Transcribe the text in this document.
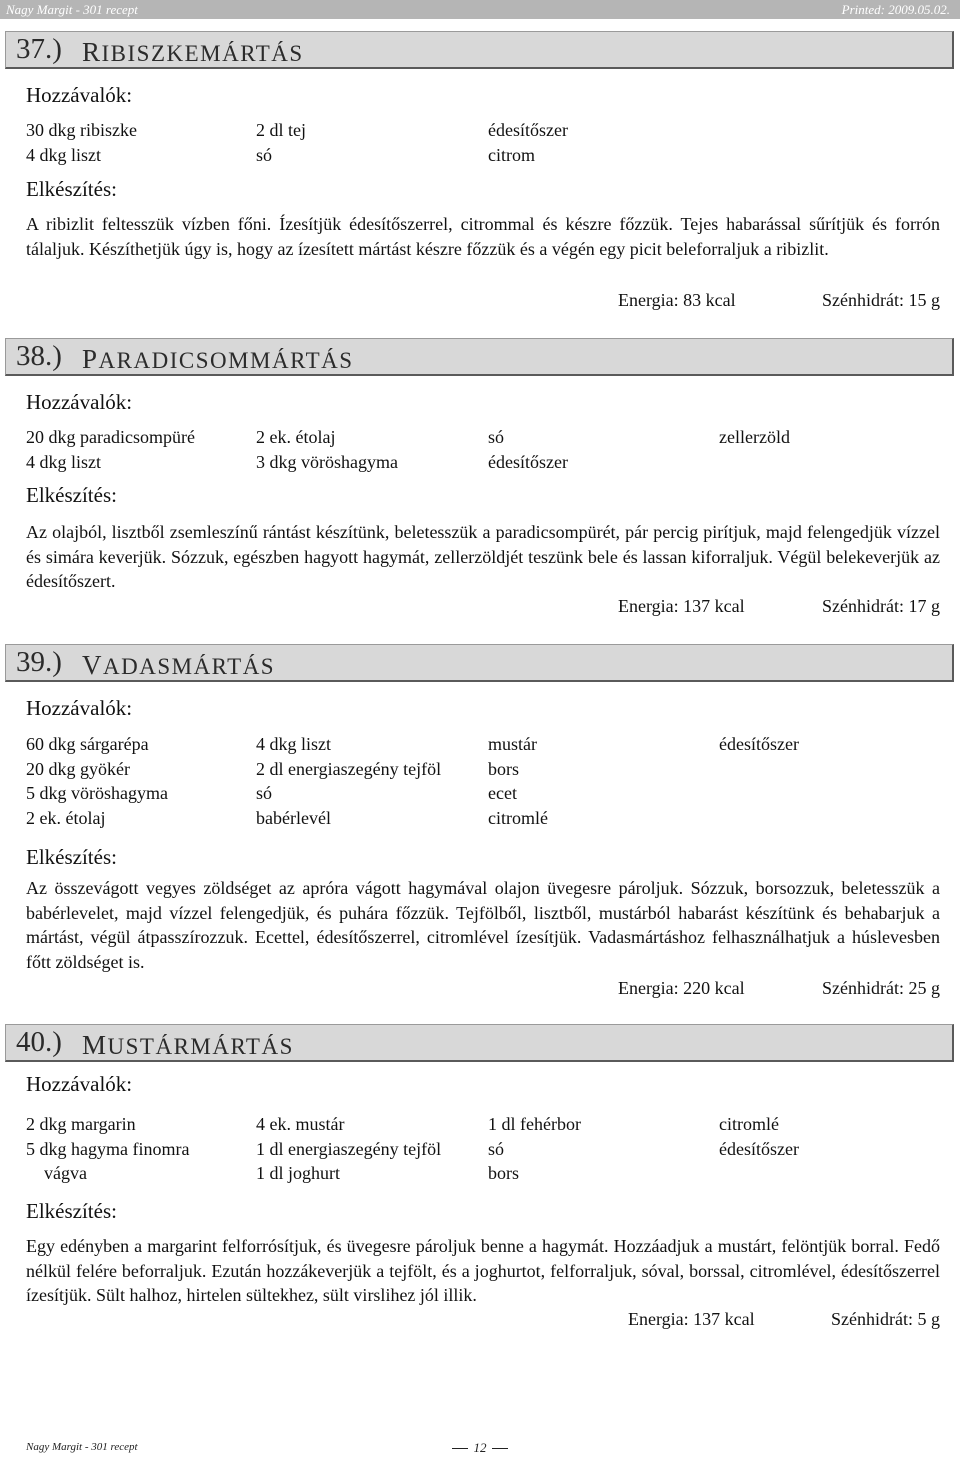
Nagy Margit - 301 recept	Printed: 2009.05.02.
37.) RIBISZKEMÁRTÁS
Hozzávalók:
30 dkg ribiszke	2 dl tej	édesítőszer
4 dkg liszt	só	citrom
Elkészítés:

A ribizlit feltesszük vízben főni. Ízesítjük édesítőszerrel, citrommal és készre főzzük. Tejes habarással sűrítjük és forrón tálaljuk. Készíthetjük úgy is, hogy az ízesített mártást készre főzzük és a végén egy picit beleforraljuk a ribizlit.

Energia: 83 kcal	Szénhidrát: 15 g
38.) PARADICSOMMÁRTÁS
Hozzávalók:
20 dkg paradicsompüré	2 ek. étolaj	só	zellerzöld
4 dkg liszt	3 dkg vöröshagyma	édesítőszer
Elkészítés:

Az olajból, lisztből zsemleszínű rántást készítünk, beletesszük a paradicsompürét, pár percig pirítjuk, majd felengedjük vízzel és simára keverjük. Sózzuk, egészben hagyott hagymát, zellerzöldjét teszünk bele és lassan kiforraljuk. Végül belekeverjük az édesítőszert.

Energia: 137 kcal	Szénhidrát: 17 g
39.) VADASMÁRTÁS
Hozzávalók:
60 dkg sárgarépa	4 dkg liszt	mustár	édesítőszer
20 dkg gyökér	2 dl energiaszegény tejföl	bors
5 dkg vöröshagyma	só	ecet
2 ek. étolaj	babérlevél	citromlé
Elkészítés:

Az összevágott vegyes zöldséget az apróra vágott hagymával olajon üvegesre pároljuk. Sózzuk, borsozzuk, beletesszük a babérlevelet, majd vízzel felengedjük, és puhára főzzük. Tejfölből, lisztből, mustárból habarást készítünk és behabarjuk a mártást, végül átpasszírozzuk. Ecettel, édesítőszerrel, citromlével ízesítjük. Vadasmártáshoz felhasználhatjuk a húslevesben főtt zöldséget is.

Energia: 220 kcal	Szénhidrát: 25 g
40.) MUSTÁRMÁRTÁS
Hozzávalók:
2 dkg margarin	4 ek. mustár	1 dl fehérbor	citromlé
5 dkg hagyma finomra	1 dl energiaszegény tejföl	só	édesítőszer
vágva	1 dl joghurt	bors
Elkészítés:

Egy edényben a margarint felforrósítjuk, és üvegesre pároljuk benne a hagymát. Hozzáadjuk a mustárt, felöntjük borral. Fedő nélkül felére beforraljuk. Ezután hozzákeverjük a tejfölt, és a joghurtot, felforraljuk, sóval, borssal, citromlével, édesítőszerrel ízesítjük. Sült halhoz, hirtelen sültekhez, sült virslihez jól illik.

Energia: 137 kcal	Szénhidrát: 5 g
Nagy Margit - 301 recept	12
